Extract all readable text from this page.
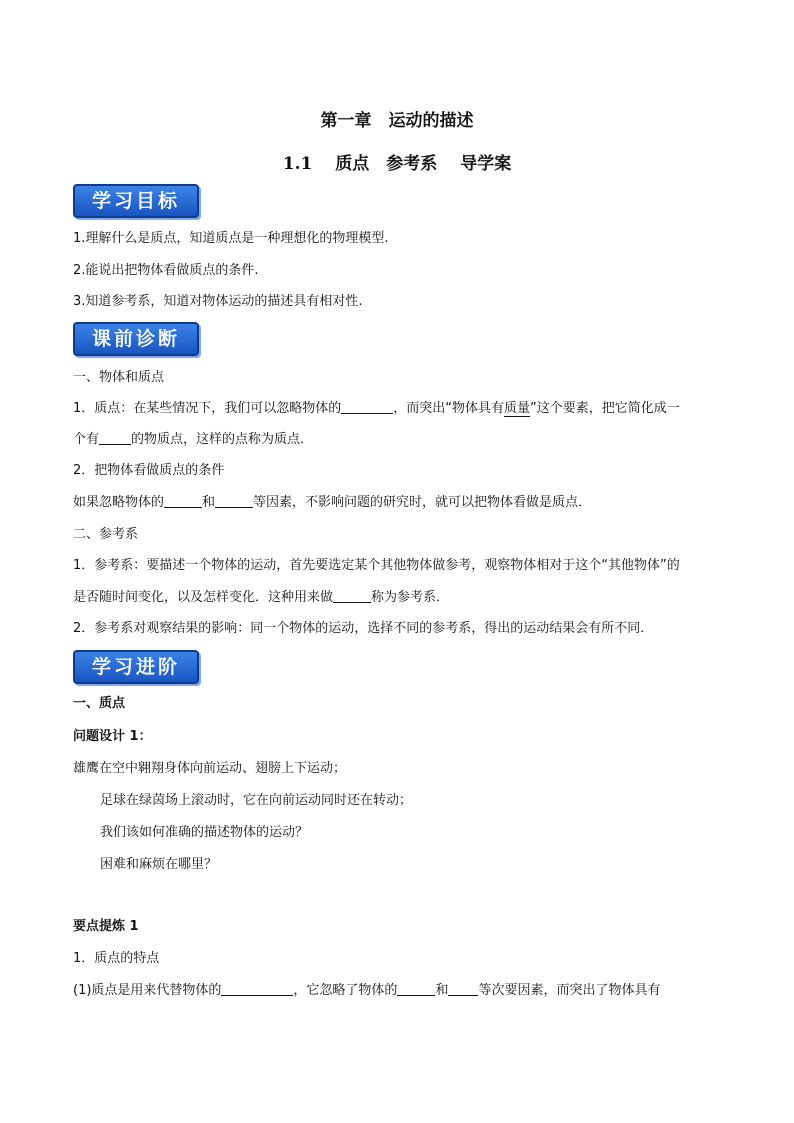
第一章　运动的描述
1.1　 质点　参考系　 导学案
学习目标
1.理解什么是质点，知道质点是一种理想化的物理模型.
2.能说出把物体看做质点的条件.
3.知道参考系，知道对物体运动的描述具有相对性.
课前诊断
一、物体和质点
1．质点：在某些情况下，我们可以忽略物体的	，而突出“物体具有质量”这个要素，把它简化成一
个有 的物质点，这样的点称为质点．
2．把物体看做质点的条件
如果忽略物体的	和	等因素，不影响问题的研究时，就可以把物体看做是质点．
二、参考系
1．参考系：要描述一个物体的运动，首先要选定某个其他物体做参考，观察物体相对于这个“其他物体”的
是否随时间变化，以及怎样变化．这种用来做	称为参考系．
2．参考系对观察结果的影响：同一个物体的运动，选择不同的参考系，得出的运动结果会有所不同．
学习进阶
一、质点
问题设计 1：
雄鹰在空中翱翔身体向前运动、翅膀上下运动；
足球在绿茵场上滚动时，它在向前运动同时还在转动；
我们该如何准确的描述物体的运动？
困难和麻烦在哪里？
要点提炼 1
1．质点的特点
(1)质点是用来代替物体的	，它忽略了物体的	和 等次要因素，而突出了物体具有
